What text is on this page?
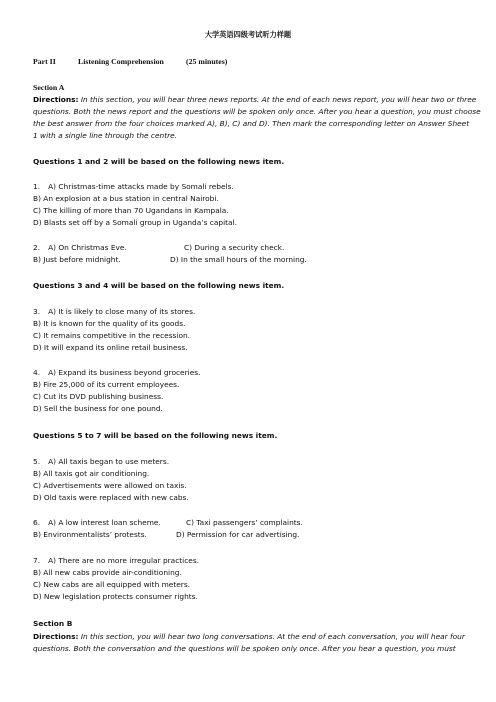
大学英语四级考试听力样题
Part II	Listening Comprehension	(25 minutes)
Section A
Directions: In this section, you will hear three news reports. At the end of each news report, you will hear two or three
questions. Both the news report and the questions will be spoken only once. After you hear a question, you must choose
the best answer from the four choices marked A), B), C) and D). Then mark the corresponding letter on Answer Sheet
1 with a single line through the centre.
Questions 1 and 2 will be based on the following news item.
1. A) Christmas-time attacks made by Somali rebels.
B) An explosion at a bus station in central Nairobi.
C) The killing of more than 70 Ugandans in Kampala.
D) Blasts set off by a Somali group in Uganda’s capital.
2. A) On Christmas Eve.	C) During a security check.
B) Just before midnight.	D) In the small hours of the morning.
Questions 3 and 4 will be based on the following news item.
3. A) It is likely to close many of its stores.
B) It is known for the quality of its goods.
C) It remains competitive in the recession.
D) It will expand its online retail business.
4. A) Expand its business beyond groceries.
B) Fire 25,000 of its current employees.
C) Cut its DVD publishing business.
D) Sell the business for one pound.
Questions 5 to 7 will be based on the following news item.
5. A) All taxis began to use meters.
B) All taxis got air conditioning.
C) Advertisements were allowed on taxis.
D) Old taxis were replaced with new cabs.
6. A) A low interest loan scheme.	C) Taxi passengers’ complaints.
B) Environmentalists’ protests.	D) Permission for car advertising.
7. A) There are no more irregular practices.
B) All new cabs provide air-conditioning.
C) New cabs are all equipped with meters.
D) New legislation protects consumer rights.
Section B
Directions: In this section, you will hear two long conversations. At the end of each conversation, you will hear four
questions. Both the conversation and the questions will be spoken only once. After you hear a question, you must
